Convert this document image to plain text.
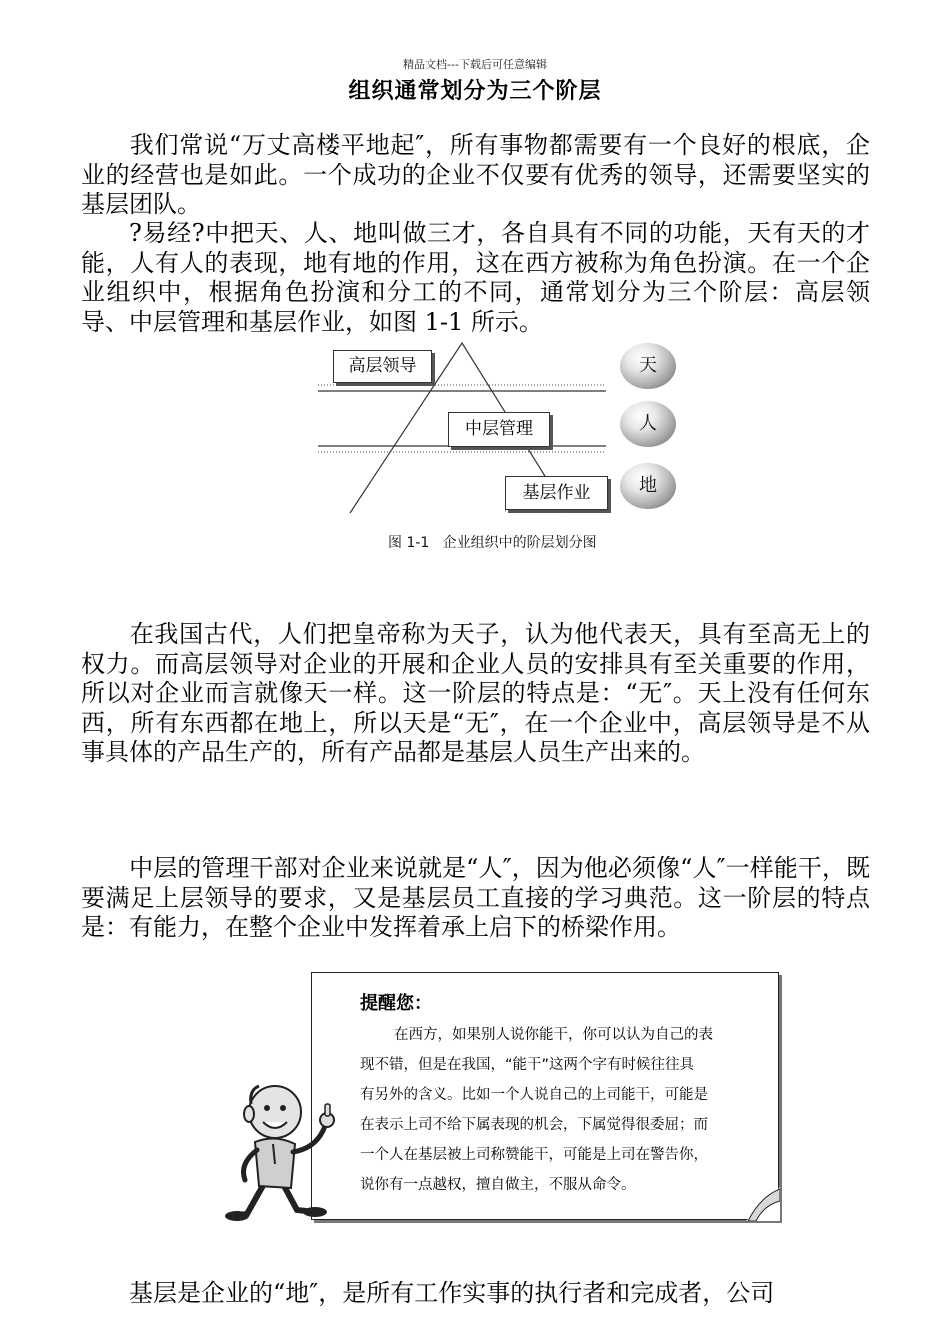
精品文档---下载后可任意编辑
组织通常划分为三个阶层

我们常说“万丈高楼平地起″，所有事物都需要有一个良好的根底，企业的经营也是如此。一个成功的企业不仅要有优秀的领导，还需要坚实的基层团队。

?易经?中把天、人、地叫做三才，各自具有不同的功能，天有天的才能，人有人的表现，地有地的作用，这在西方被称为角色扮演。在一个企业组织中，根据角色扮演和分工的不同，通常划分为三个阶层：高层领导、中层管理和基层作业，如图 1-1 所示。

高层领导
中层管理
基层作业
天
人
地
图 1-1   企业组织中的阶层划分图

在我国古代，人们把皇帝称为天子，认为他代表天，具有至高无上的权力。而高层领导对企业的开展和企业人员的安排具有至关重要的作用，所以对企业而言就像天一样。这一阶层的特点是：“无″。天上没有任何东西，所有东西都在地上，所以天是“无″，在一个企业中，高层领导是不从事具体的产品生产的，所有产品都是基层人员生产出来的。

中层的管理干部对企业来说就是“人″，因为他必须像“人″一样能干，既要满足上层领导的要求，又是基层员工直接的学习典范。这一阶层的特点是：有能力，在整个企业中发挥着承上启下的桥梁作用。

提醒您：
在西方，如果别人说你能干，你可以认为自己的表
现不错，但是在我国，“能干”这两个字有时候往往具
有另外的含义。比如一个人说自己的上司能干，可能是
在表示上司不给下属表现的机会，下属觉得很委屈；而
一个人在基层被上司称赞能干，可能是上司在警告你，
说你有一点越权，擅自做主，不服从命令。

基层是企业的“地″，是所有工作实事的执行者和完成者，公司
